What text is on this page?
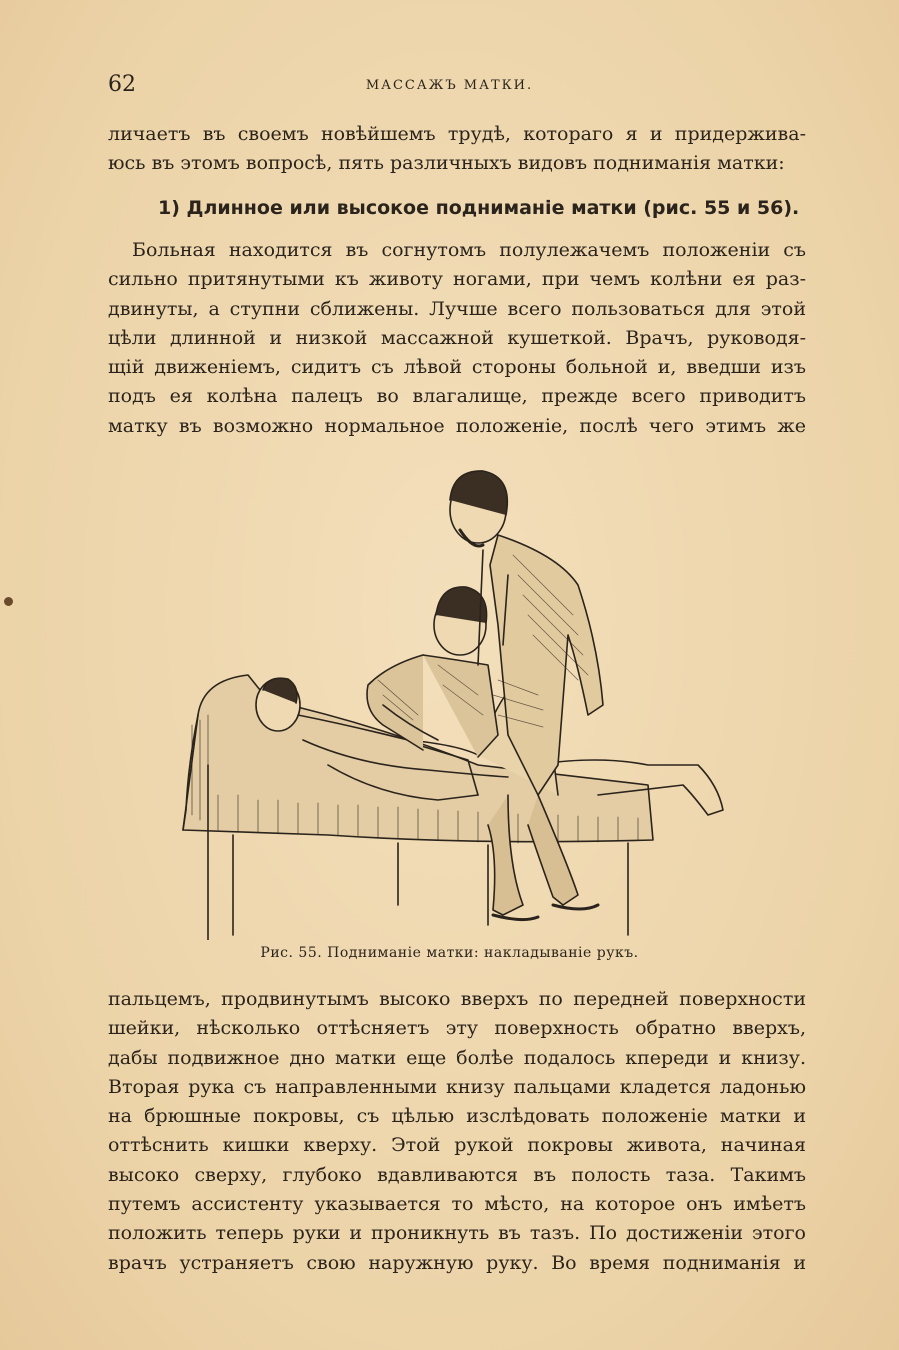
62	МАССАЖЪ МАТКИ.
личаетъ въ своемъ новѣйшемъ трудѣ, котораго я и придержива-
юсь въ этомъ вопросѣ, пять различныхъ видовъ подниманія матки:
1) Длинное или высокое подниманіе матки (рис. 55 и 56).
Больная находится въ согнутомъ полулежачемъ положеніи съ
сильно притянутыми къ животу ногами, при чемъ колѣни ея раз-
двинуты, а ступни сближены. Лучше всего пользоваться для этой
цѣли длинной и низкой массажной кушеткой. Врачъ, руководя-
щій движеніемъ, сидитъ съ лѣвой стороны больной и, введши изъ
подъ ея колѣна палецъ во влагалище, прежде всего приводитъ
матку въ возможно нормальное положеніе, послѣ чего этимъ же
Рис. 55. Подниманіе матки: накладываніе рукъ.
пальцемъ, продвинутымъ высоко вверхъ по передней поверхности
шейки, нѣсколько оттѣсняетъ эту поверхность обратно вверхъ,
дабы подвижное дно матки еще болѣе подалось кпереди и книзу.
Вторая рука съ направленными книзу пальцами кладется ладонью
на брюшные покровы, съ цѣлью изслѣдовать положеніе матки и
оттѣснить кишки кверху. Этой рукой покровы живота, начиная
высоко сверху, глубоко вдавливаются въ полость таза. Такимъ
путемъ ассистенту указывается то мѣсто, на которое онъ имѣетъ
положить теперь руки и проникнуть въ тазъ. По достиженіи этого
врачъ устраняетъ свою наружную руку. Во время подниманія и
